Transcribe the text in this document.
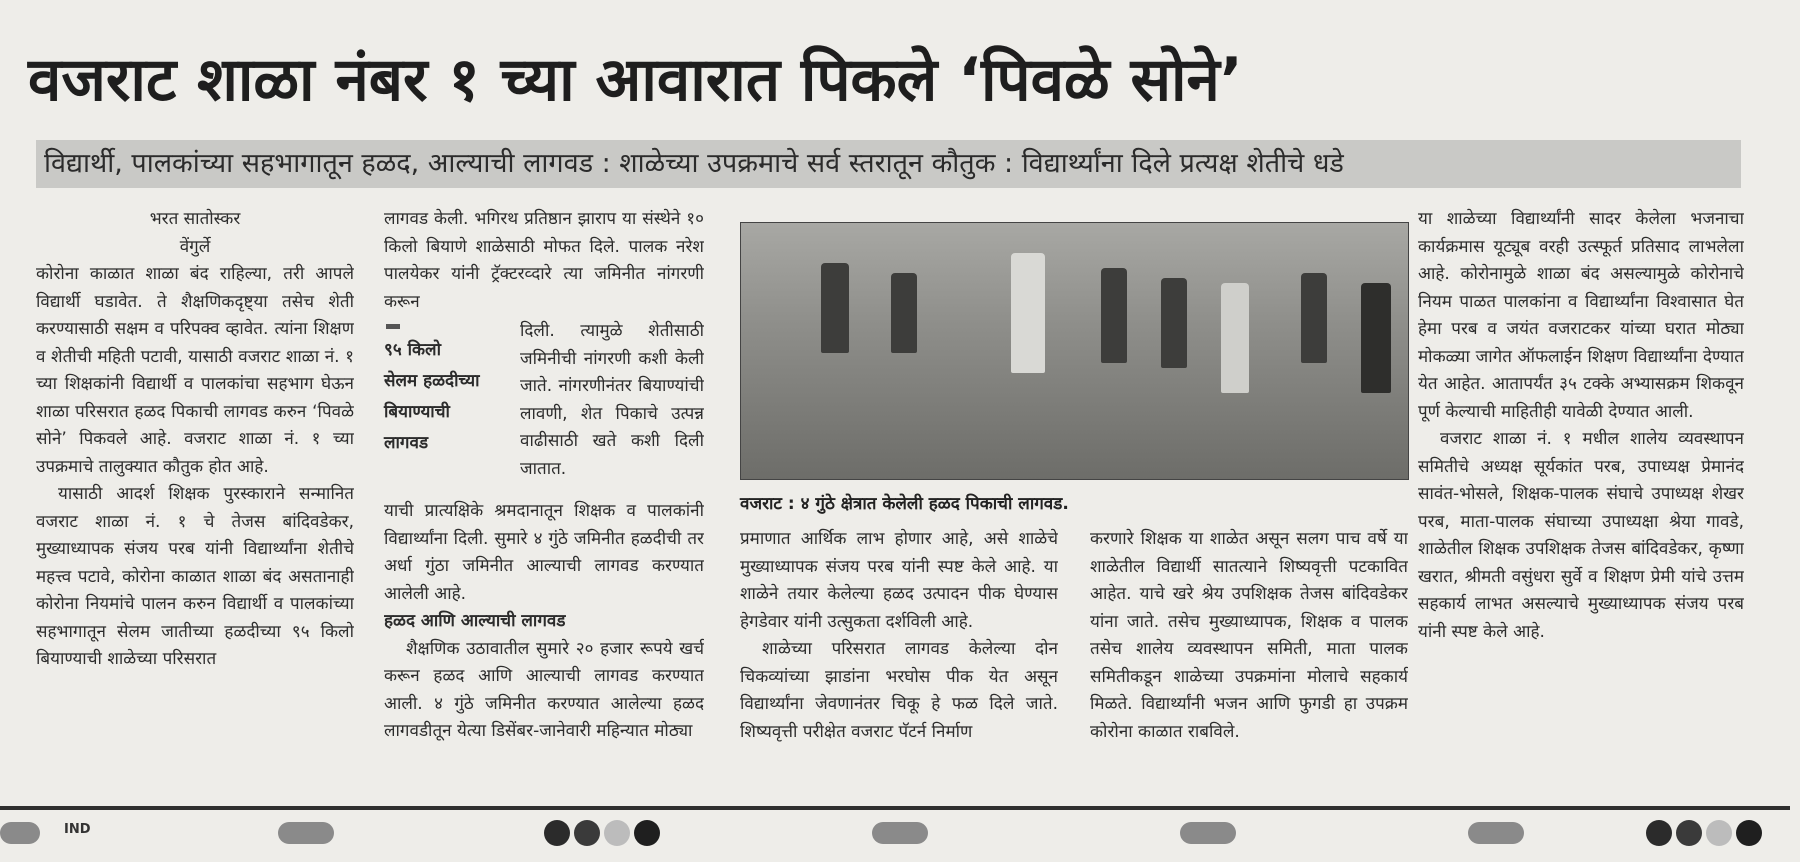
वजराट शाळा नंबर १ च्या आवारात पिकले ‘पिवळे सोने’
विद्यार्थी, पालकांच्या सहभागातून हळद, आल्याची लागवड : शाळेच्या उपक्रमाचे सर्व स्तरातून कौतुक : विद्यार्थ्यांना दिले प्रत्यक्ष शेतीचे धडे

भरत सातोस्कर

वेंगुर्ले

कोरोना काळात शाळा बंद राहिल्या, तरी आपले विद्यार्थी घडावेत. ते शैक्षणिकदृष्ट्या तसेच शेती करण्यासाठी सक्षम व परिपक्व व्हावेत. त्यांना शिक्षण व शेतीची महिती पटावी, यासाठी वजराट शाळा नं. १ च्या शिक्षकांनी विद्यार्थी व पालकांचा सहभाग घेऊन शाळा परिसरात हळद पिकाची लागवड करुन ‘पिवळे सोने’ पिकवले आहे. वजराट शाळा नं. १ च्या उपक्रमाचे तालुक्यात कौतुक होत आहे.

यासाठी आदर्श शिक्षक पुरस्काराने सन्मानित वजराट शाळा नं. १ चे तेजस बांदिवडेकर, मुख्याध्यापक संजय परब यांनी विद्यार्थ्यांना शेतीचे महत्त्व पटावे, कोरोना काळात शाळा बंद असतानाही कोरोना नियमांचे पालन करुन विद्यार्थी व पालकांच्या सहभागातून सेलम जातीच्या हळदीच्या ९५ किलो बियाण्याची शाळेच्या परिसरात

लागवड केली. भगिरथ प्रतिष्ठान झाराप या संस्थेने १० किलो बियाणे शाळेसाठी मोफत दिले. पालक नरेश पालयेकर यांनी ट्रॅक्टरव्दारे त्या जमिनीत नांगरणी करून

९५ किलो
सेलम हळदीच्या
बियाण्याची
लागवड

दिली. त्यामुळे शेतीसाठी जमिनीची नांगरणी कशी केली जाते. नांगरणीनंतर बियाण्यांची लावणी, शेत पिकाचे उत्पन्न वाढीसाठी खते कशी दिली जातात.

याची प्रात्यक्षिके श्रमदानातून शिक्षक व पालकांनी विद्यार्थ्यांना दिली. सुमारे ४ गुंठे जमिनीत हळदीची तर अर्धा गुंठा जमिनीत आल्याची लागवड करण्यात आलेली आहे.

हळद आणि आल्याची लागवड

शैक्षणिक उठावातील सुमारे २० हजार रूपये खर्च करून हळद आणि आल्याची लागवड करण्यात आली. ४ गुंठे जमिनीत करण्यात आलेल्या हळद लागवडीतून येत्या डिसेंबर-जानेवारी महिन्यात मोठ्या

वजराट : ४ गुंठे क्षेत्रात केलेली हळद पिकाची लागवड.

प्रमाणात आर्थिक लाभ होणार आहे, असे शाळेचे मुख्याध्यापक संजय परब यांनी स्पष्ट केले आहे. या शाळेने तयार केलेल्या हळद उत्पादन पीक घेण्यास हेगडेवार यांनी उत्सुकता दर्शविली आहे.

शाळेच्या परिसरात लागवड केलेल्या दोन चिकव्यांच्या झाडांना भरघोस पीक येत असून विद्यार्थ्यांना जेवणानंतर चिकू हे फळ दिले जाते. शिष्यवृत्ती परीक्षेत वजराट पॅटर्न निर्माण

करणारे शिक्षक या शाळेत असून सलग पाच वर्षे या शाळेतील विद्यार्थी सातत्याने शिष्यवृत्ती पटकावित आहेत. याचे खरे श्रेय उपशिक्षक तेजस बांदिवडेकर यांना जाते. तसेच मुख्याध्यापक, शिक्षक व पालक तसेच शालेय व्यवस्थापन समिती, माता पालक समितीकडून शाळेच्या उपक्रमांना मोलाचे सहकार्य मिळते. विद्यार्थ्यांनी भजन आणि फुगडी हा उपक्रम कोरोना काळात राबविले.

या शाळेच्या विद्यार्थ्यांनी सादर केलेला भजनाचा कार्यक्रमास यूट्यूब वरही उत्स्फूर्त प्रतिसाद लाभलेला आहे. कोरोनामुळे शाळा बंद असल्यामुळे कोरोनाचे नियम पाळत पालकांना व विद्यार्थ्यांना विश्वासात घेत हेमा परब व जयंत वजराटकर यांच्या घरात मोठ्या मोकळ्या जागेत ऑफलाईन शिक्षण विद्यार्थ्यांना देण्यात येत आहेत. आतापर्यंत ३५ टक्के अभ्यासक्रम शिकवून पूर्ण केल्याची माहितीही यावेळी देण्यात आली.

वजराट शाळा नं. १ मधील शालेय व्यवस्थापन समितीचे अध्यक्ष सूर्यकांत परब, उपाध्यक्ष प्रेमानंद सावंत-भोसले, शिक्षक-पालक संघाचे उपाध्यक्ष शेखर परब, माता-पालक संघाच्या उपाध्यक्षा श्रेया गावडे, शाळेतील शिक्षक उपशिक्षक तेजस बांदिवडेकर, कृष्णा खरात, श्रीमती वसुंधरा सुर्वे व शिक्षण प्रेमी यांचे उत्तम सहकार्य लाभत असल्याचे मुख्याध्यापक संजय परब यांनी स्पष्ट केले आहे.

IND
